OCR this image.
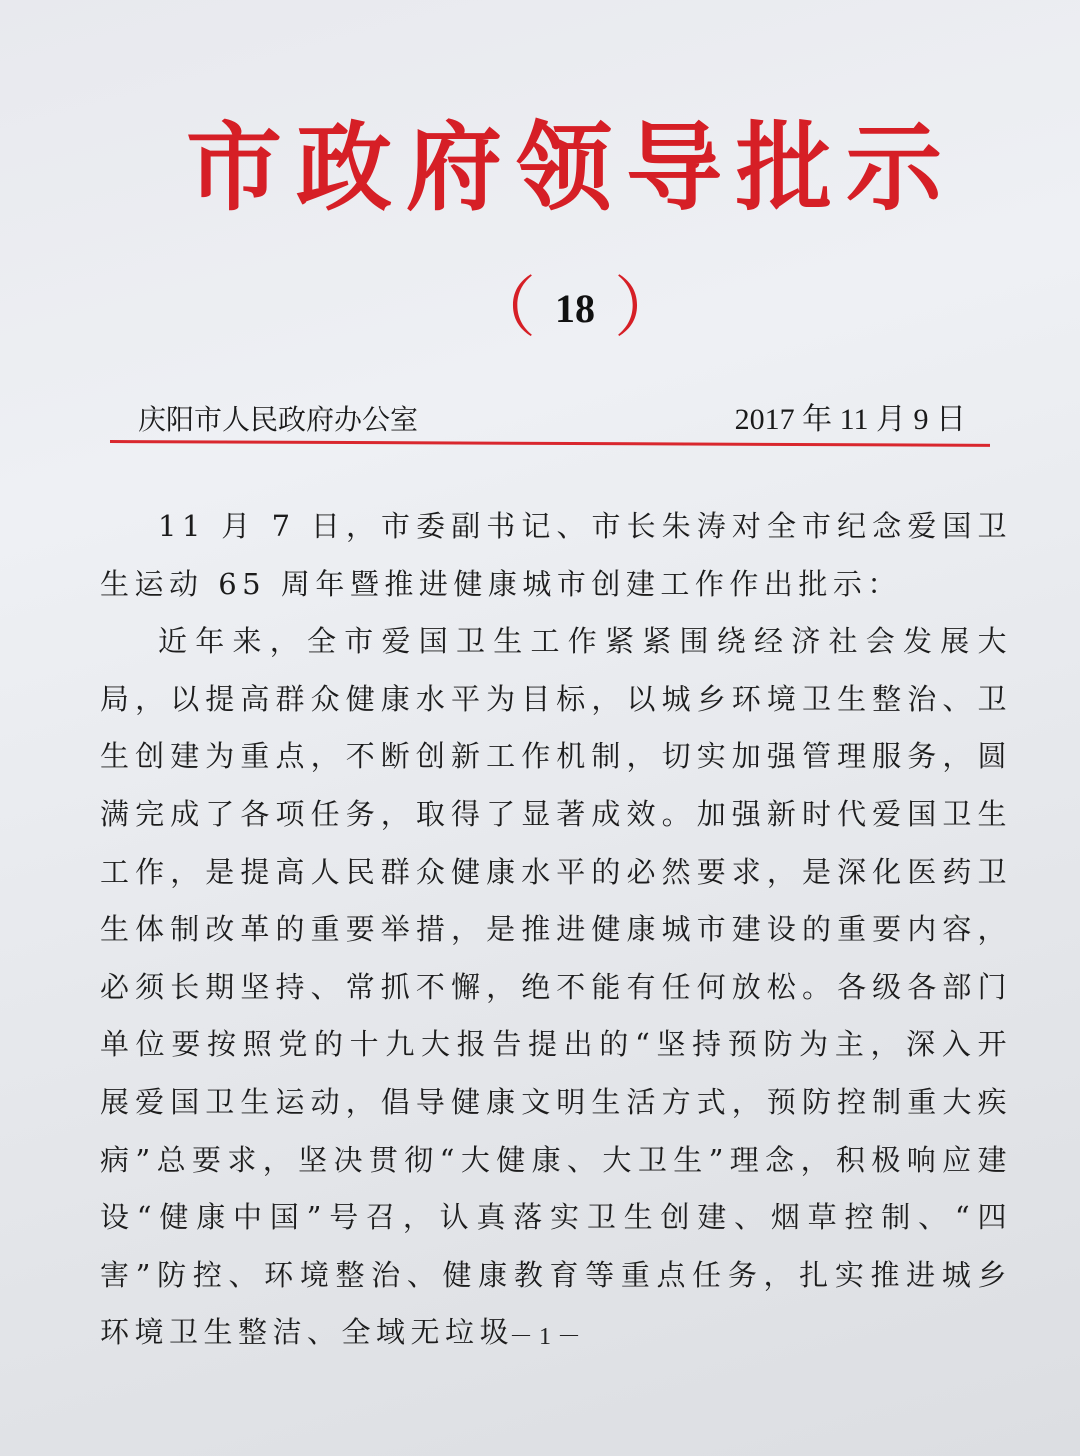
市政府领导批示
（ 18 ）
庆阳市人民政府办公室	2017 年 11 月 9 日

11 月 7 日，市委副书记、市长朱涛对全市纪念爱国卫生运动 65 周年暨推进健康城市创建工作作出批示：

近年来，全市爱国卫生工作紧紧围绕经济社会发展大局，以提高群众健康水平为目标，以城乡环境卫生整治、卫生创建为重点，不断创新工作机制，切实加强管理服务，圆满完成了各项任务，取得了显著成效。加强新时代爱国卫生工作，是提高人民群众健康水平的必然要求，是深化医药卫生体制改革的重要举措，是推进健康城市建设的重要内容，必须长期坚持、常抓不懈，绝不能有任何放松。各级各部门单位要按照党的十九大报告提出的“坚持预防为主，深入开展爱国卫生运动，倡导健康文明生活方式，预防控制重大疾病”总要求，坚决贯彻“大健康、大卫生”理念，积极响应建设“健康中国”号召，认真落实卫生创建、烟草控制、“四害”防控、环境整治、健康教育等重点任务，扎实推进城乡环境卫生整洁、全域无垃圾

－ 1 －
